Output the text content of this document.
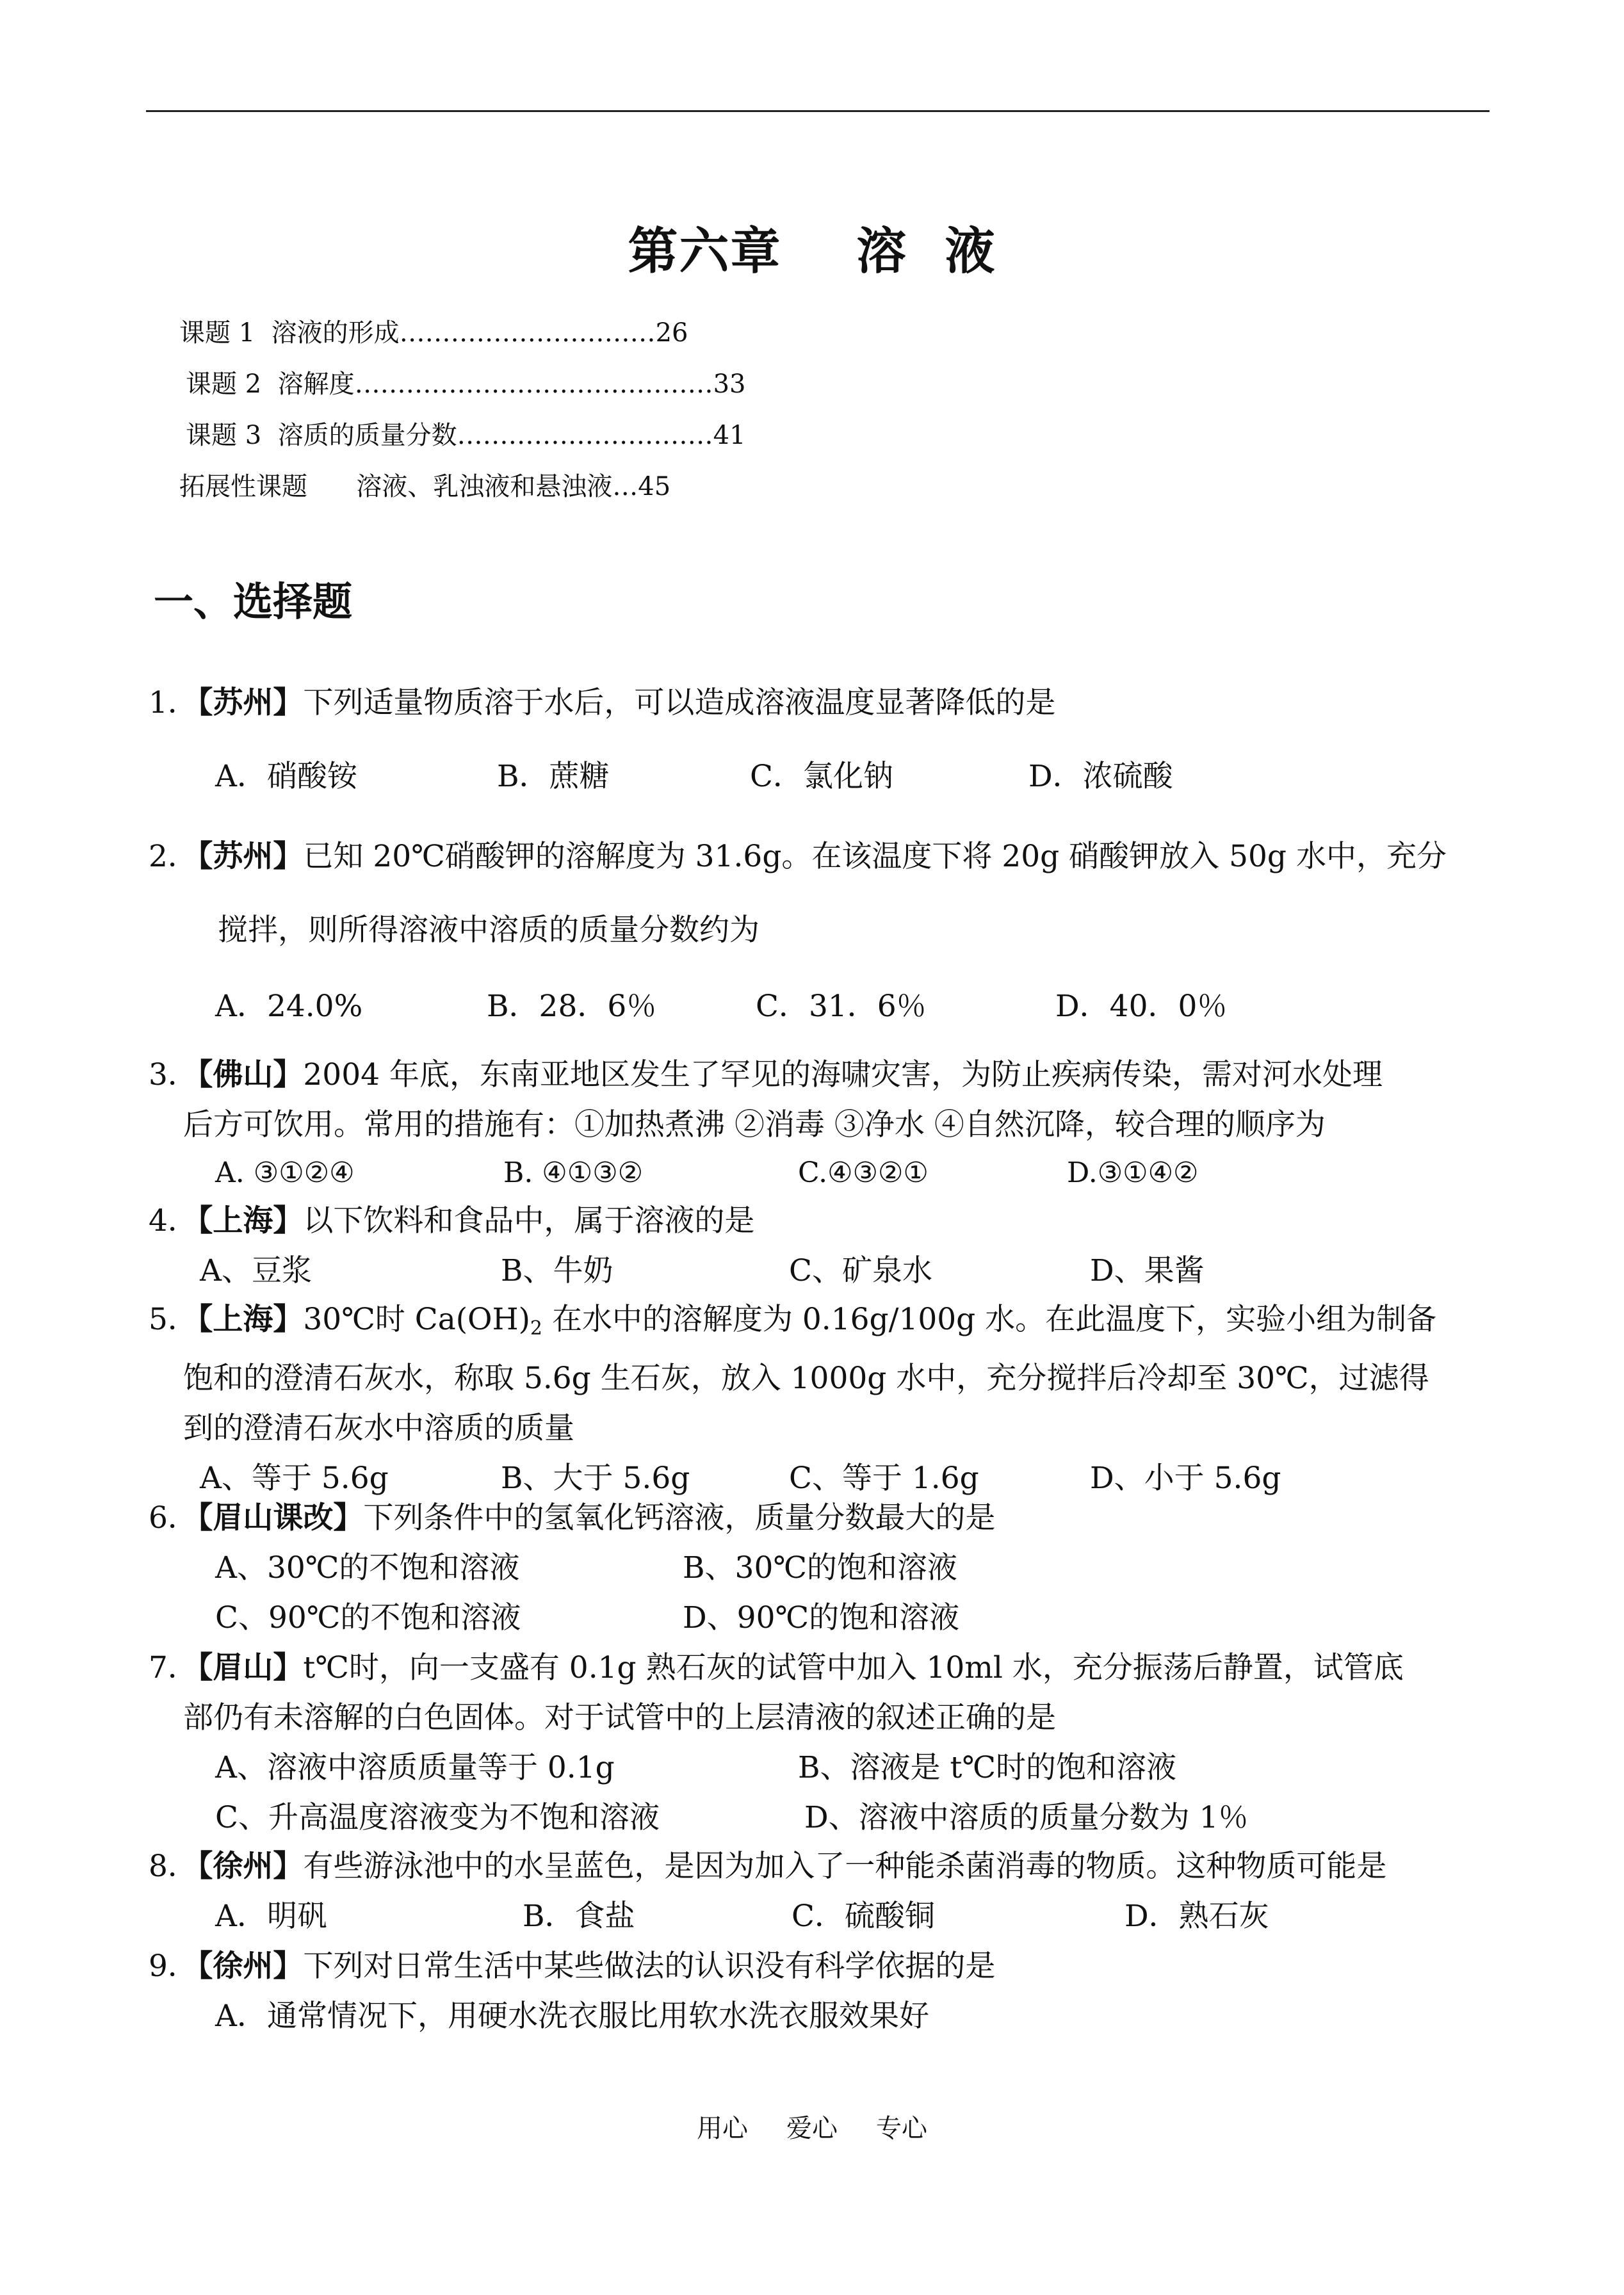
第六章    溶  液
课题 1  溶液的形成 ………………………… 26
课题 2  溶解度 …………………………………… 33
课题 3  溶质的质量分数 ………………………… 41
拓展性课题      溶液、乳浊液和悬浊液 … 45
一、选择题
1．【苏州】下列适量物质溶于水后，可以造成溶液温度显著降低的是
A．硝酸铵	B．蔗糖	C．氯化钠	D．浓硫酸
2．【苏州】已知 20℃硝酸钾的溶解度为 31.6g。在该温度下将 20g 硝酸钾放入 50g 水中，充分
搅拌，则所得溶液中溶质的质量分数约为
A．24.0%	B．28．6％	C．31．6％	D．40．0％
3．【佛山】2004 年底，东南亚地区发生了罕见的海啸灾害，为防止疾病传染，需对河水处理
后方可饮用。常用的措施有：①加热煮沸 ②消毒 ③净水 ④自然沉降，较合理的顺序为
A. ③①②④	B. ④①③②	C.④③②①	D.③①④②
4．【上海】以下饮料和食品中，属于溶液的是
A、豆浆	B、牛奶	C、矿泉水	D、果酱
5．【上海】30℃时 $Ca(OH)_2$ 在水中的溶解度为 0.16g/100g 水。在此温度下，实验小组为制备
饱和的澄清石灰水，称取 5.6g 生石灰，放入 1000g 水中，充分搅拌后冷却至 30℃，过滤得
到的澄清石灰水中溶质的质量
A、等于 5.6g	B、大于 5.6g	C、等于 1.6g	D、小于 5.6g
6．【眉山课改】下列条件中的氢氧化钙溶液，质量分数最大的是
A、30℃的不饱和溶液	B、30℃的饱和溶液
C、90℃的不饱和溶液	D、90℃的饱和溶液
7．【眉山】t℃时，向一支盛有 0.1g 熟石灰的试管中加入 10ml 水，充分振荡后静置，试管底
部仍有未溶解的白色固体。对于试管中的上层清液的叙述正确的是
A、溶液中溶质质量等于 0.1g	B、溶液是 t℃时的饱和溶液
C、升高温度溶液变为不饱和溶液	D、溶液中溶质的质量分数为 1％
8．【徐州】有些游泳池中的水呈蓝色，是因为加入了一种能杀菌消毒的物质。这种物质可能是
A．明矾	B．食盐	C．硫酸铜	D．熟石灰
9．【徐州】下列对日常生活中某些做法的认识没有科学依据的是
A．通常情况下，用硬水洗衣服比用软水洗衣服效果好
用心 爱心 专心
